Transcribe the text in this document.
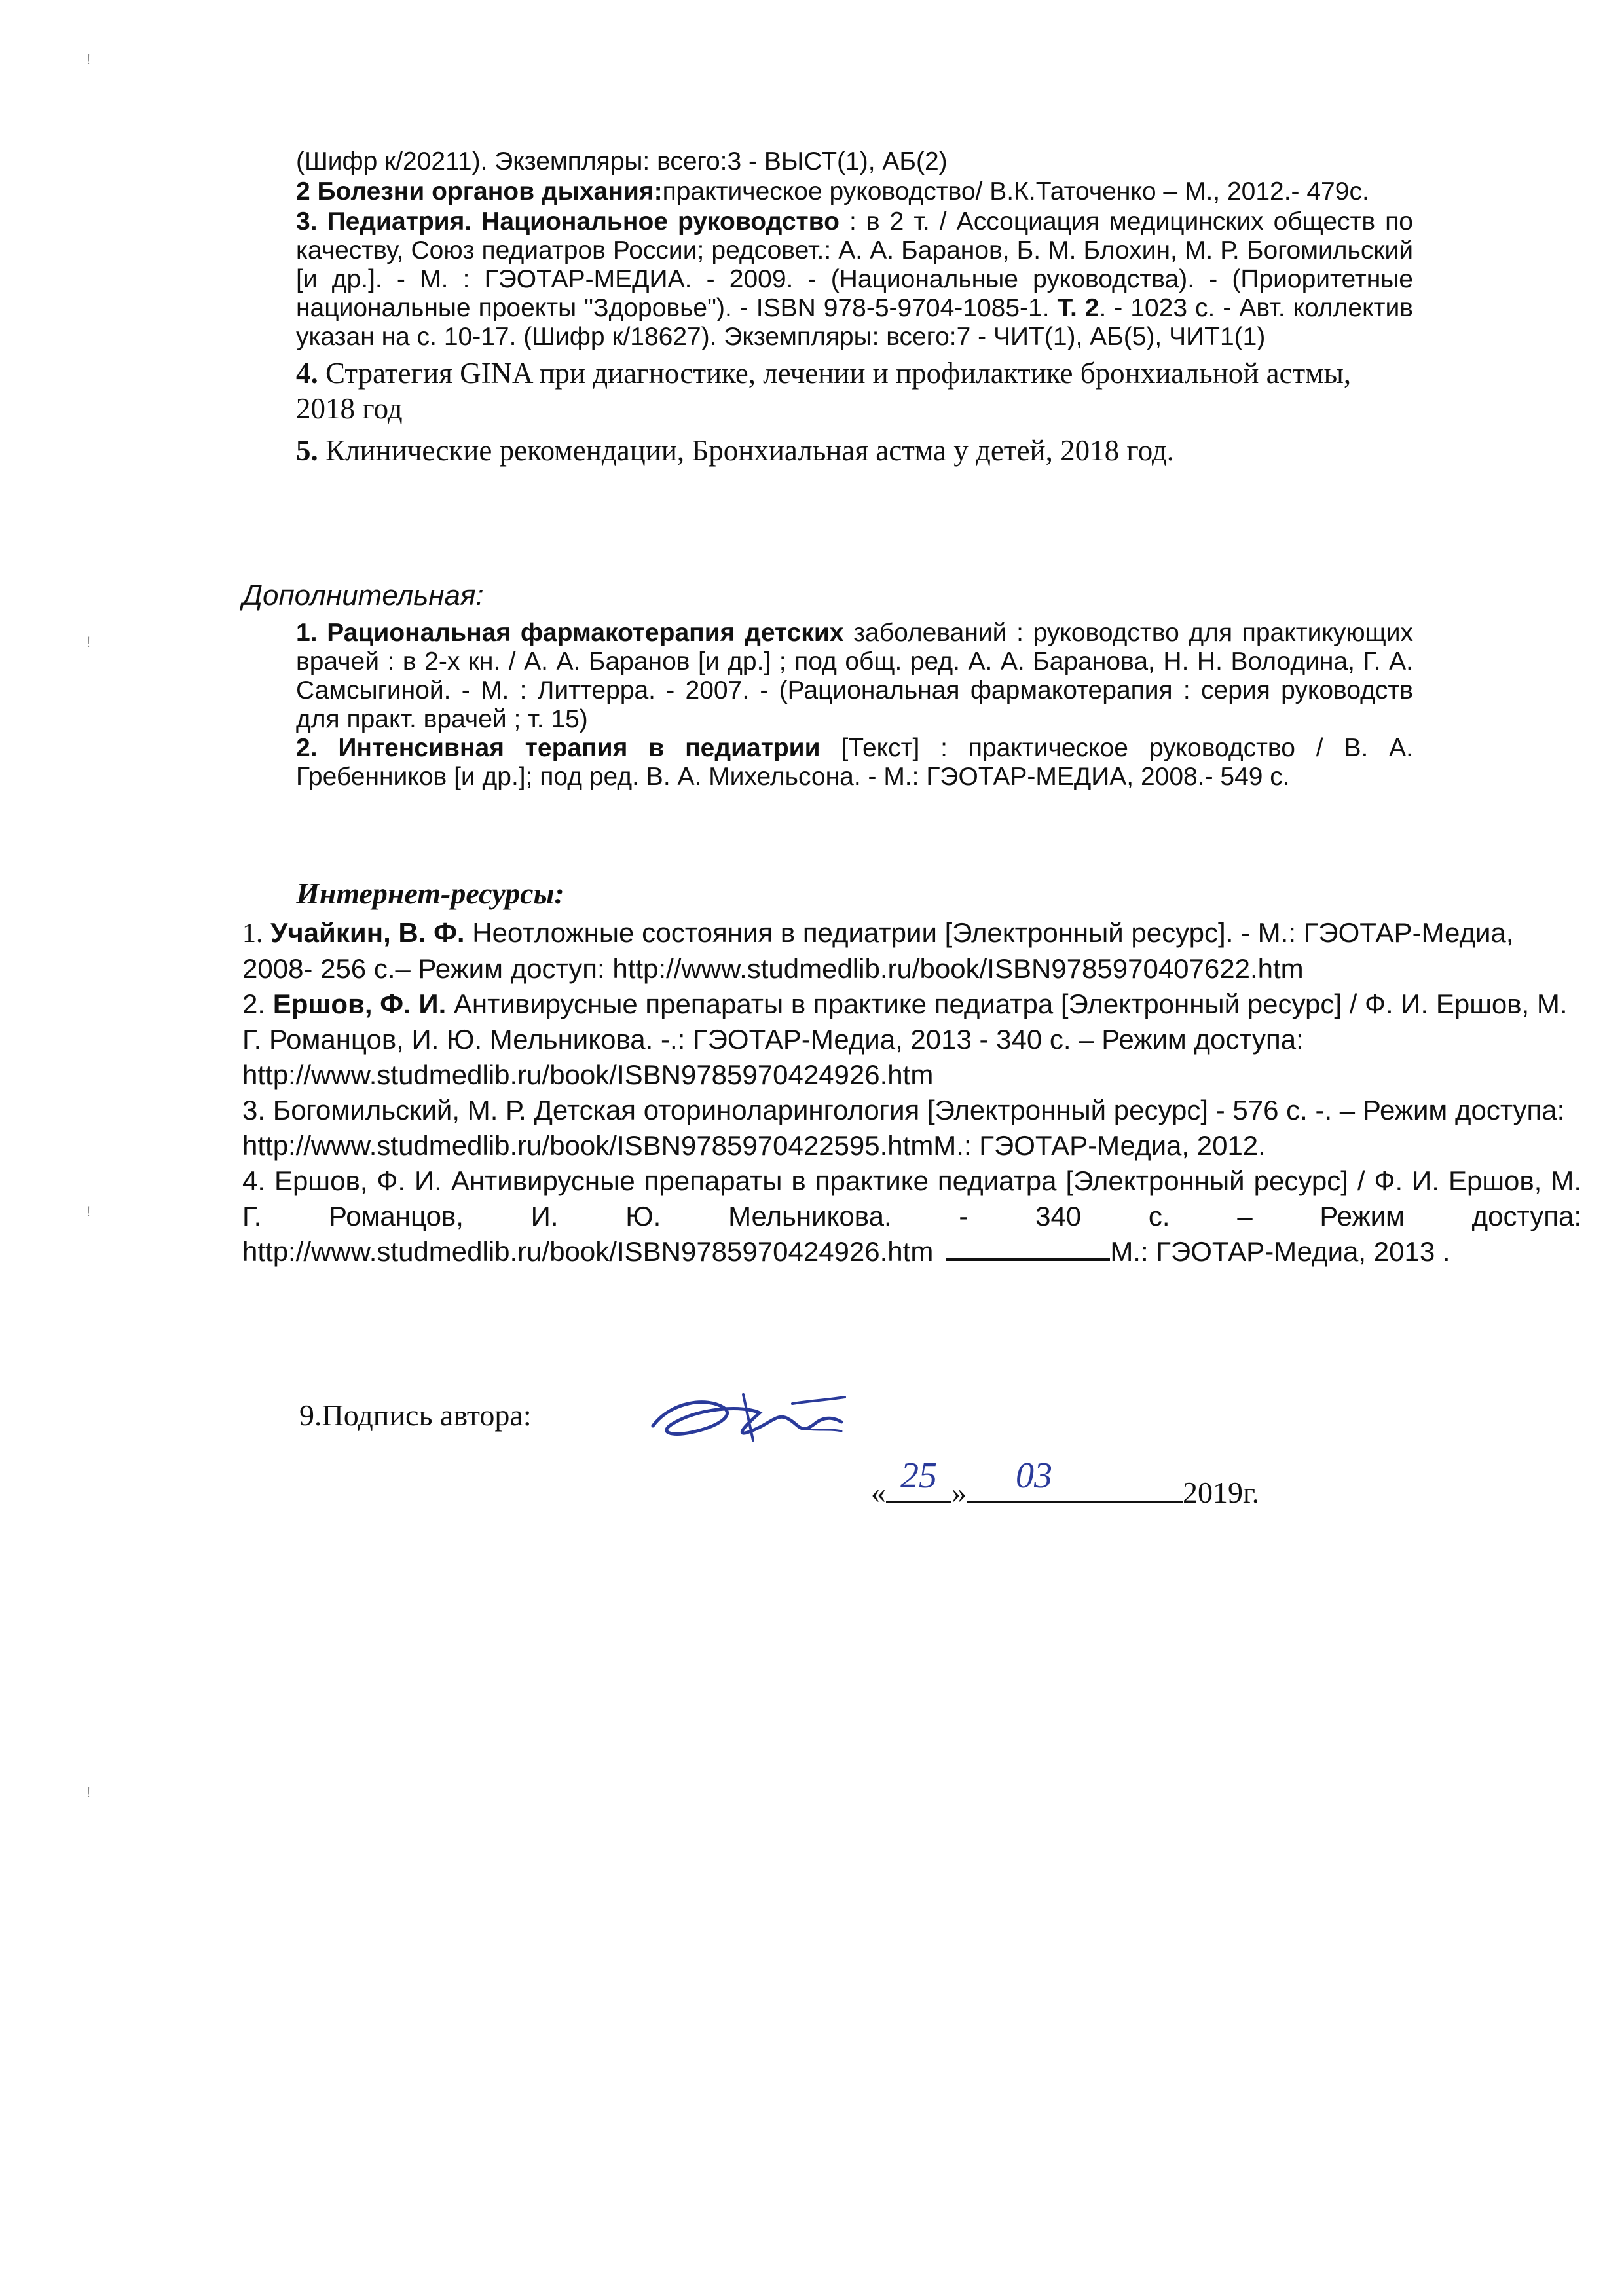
!
!
!
!

(Шифр к/20211). Экземпляры: всего:3 - ВЫСТ(1), АБ(2)

2 Болезни органов дыхания:практическое руководство/ В.К.Таточенко – М., 2012.- 479с.

3. Педиатрия. Национальное руководство : в 2 т. / Ассоциация медицинских обществ по качеству, Союз педиатров России; редсовет.: А. А. Баранов, Б. М. Блохин, М. Р. Богомильский [и др.]. - М. : ГЭОТАР-МЕДИА. - 2009. - (Национальные руководства). - (Приоритетные национальные проекты "Здоровье"). - ISBN 978-5-9704-1085-1. Т. 2. - 1023 с. - Авт. коллектив указан на с. 10-17. (Шифр к/18627). Экземпляры: всего:7 - ЧИТ(1), АБ(5), ЧИТ1(1)

4. Стратегия GINA при диагностике, лечении и профилактике бронхиальной астмы, 2018 год

5. Клинические рекомендации, Бронхиальная астма у детей, 2018 год.

Дополнительная:

1. Рациональная фармакотерапия детских заболеваний : руководство для практикующих врачей : в 2-х кн. / А. А. Баранов [и др.] ; под общ. ред. А. А. Баранова, Н. Н. Володина, Г. А. Самсыгиной. - М. : Литтерра. - 2007. - (Рациональная фармакотерапия : серия руководств для практ. врачей ; т. 15)

2. Интенсивная терапия в педиатрии [Текст] : практическое руководство / В. А. Гребенников [и др.]; под ред. В. А. Михельсона. - М.: ГЭОТАР-МЕДИА, 2008.- 549 с.

Интернет-ресурсы:

1. Учайкин, В. Ф. Неотложные состояния в педиатрии [Электронный ресурс]. - М.: ГЭОТАР-Медиа, 2008- 256 с.– Режим доступ: http://www.studmedlib.ru/book/ISBN9785970407622.htm

2. Ершов, Ф. И. Антивирусные препараты в практике педиатра [Электронный ресурс] / Ф. И. Ершов, М. Г. Романцов, И. Ю. Мельникова. -.: ГЭОТАР-Медиа, 2013 - 340 с. – Режим доступа: http://www.studmedlib.ru/book/ISBN9785970424926.htm

3. Богомильский, М. Р. Детская оториноларингология [Электронный ресурс] - 576 с. -. – Режим доступа: http://www.studmedlib.ru/book/ISBN9785970422595.htmM.: ГЭОТАР-Медиа, 2012.

4. Ершов, Ф. И. Антивирусные препараты в практике педиатра [Электронный ресурс] / Ф. И. Ершов, М. Г. Романцов, И. Ю. Мельникова. - 340 с. – Режим доступа: http://www.studmedlib.ru/book/ISBN9785970424926.htm	М.: ГЭОТАР-Медиа, 2013 .

9.Подпись автора:
« 25 »	03	2019г.
